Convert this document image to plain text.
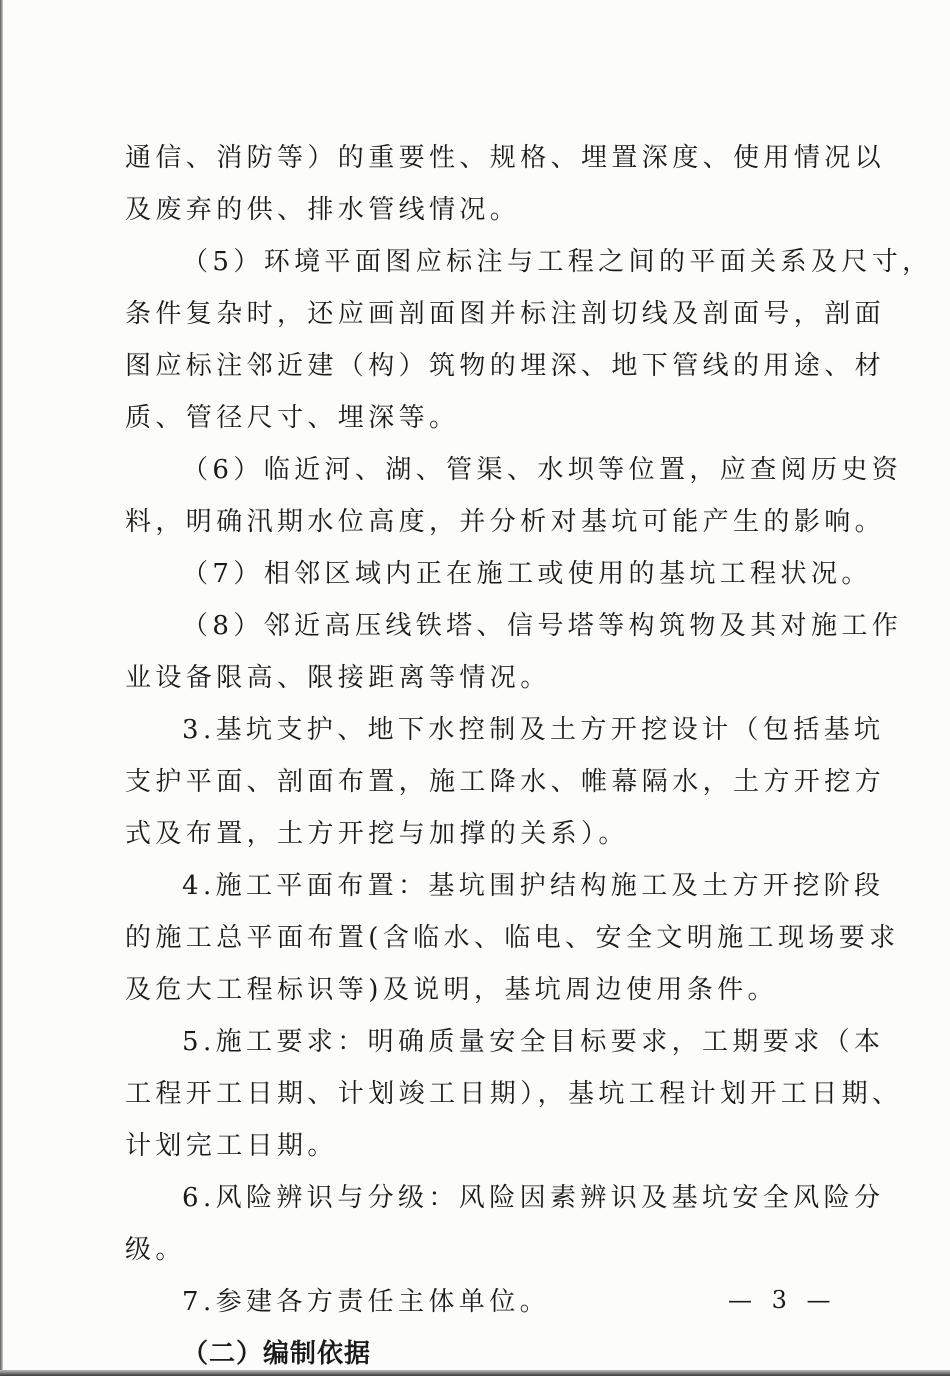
通信、消防等）的重要性、规格、埋置深度、使用情况以
及废弃的供、排水管线情况。
（5）环境平面图应标注与工程之间的平面关系及尺寸，
条件复杂时，还应画剖面图并标注剖切线及剖面号，剖面
图应标注邻近建（构）筑物的埋深、地下管线的用途、材
质、管径尺寸、埋深等。
（6）临近河、湖、管渠、水坝等位置，应查阅历史资
料，明确汛期水位高度，并分析对基坑可能产生的影响。
（7）相邻区域内正在施工或使用的基坑工程状况。
（8）邻近高压线铁塔、信号塔等构筑物及其对施工作
业设备限高、限接距离等情况。
3.基坑支护、地下水控制及土方开挖设计（包括基坑
支护平面、剖面布置，施工降水、帷幕隔水，土方开挖方
式及布置，土方开挖与加撑的关系）。
4.施工平面布置：基坑围护结构施工及土方开挖阶段
的施工总平面布置(含临水、临电、安全文明施工现场要求
及危大工程标识等)及说明，基坑周边使用条件。
5.施工要求：明确质量安全目标要求，工期要求（本
工程开工日期、计划竣工日期），基坑工程计划开工日期、
计划完工日期。
6.风险辨识与分级：风险因素辨识及基坑安全风险分
级。
7.参建各方责任主体单位。
（二）编制依据
— 3 —
